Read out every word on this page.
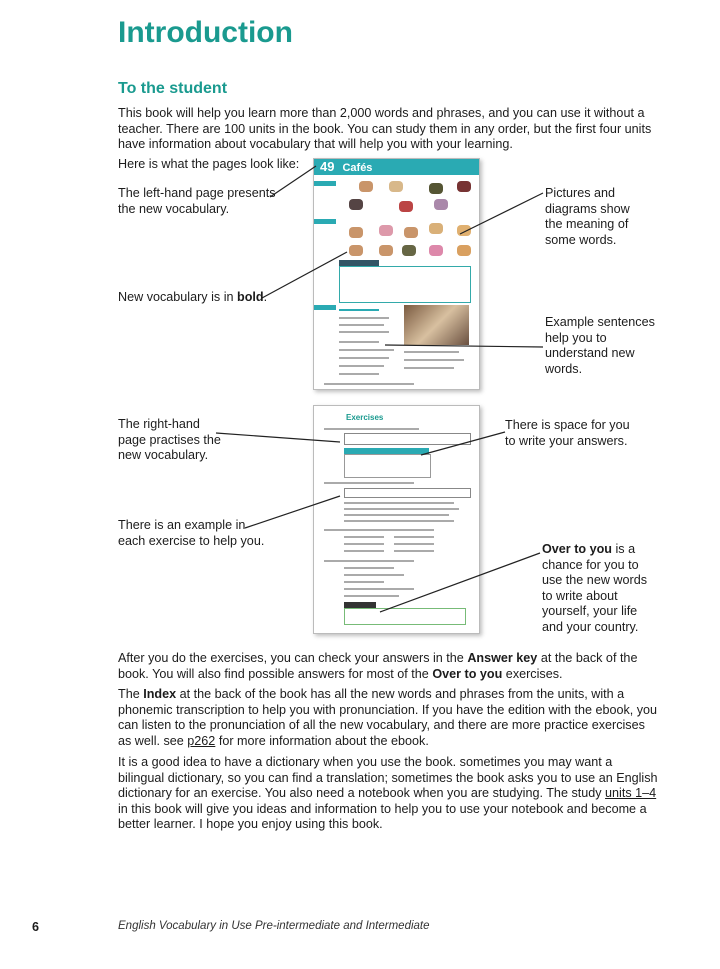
Introduction
To the student

This book will help you learn more than 2,000 words and phrases, and you can use it without a teacher. There are 100 units in the book. You can study them in any order, but the first four units have information about vocabulary that will help you with your learning.

Here is what the pages look like:	49 Cafés
Exercises
The left-hand page presents the new vocabulary.
New vocabulary is in bold.
Pictures and diagrams show the meaning of some words.
Example sentences help you to understand new words.
The right-hand page practises the new vocabulary.
There is space for you to write your answers.
There is an example in each exercise to help you.
Over to you is a chance for you to use the new words to write about yourself, your life and your country.

After you do the exercises, you can check your answers in the Answer key at the back of the book. You will also find possible answers for most of the Over to you exercises.

The Index at the back of the book has all the new words and phrases from the units, with a phonemic transcription to help you with pronunciation. If you have the edition with the ebook, you can listen to the pronunciation of all the new vocabulary, and there are more practice exercises as well. see p262 for more information about the ebook.

It is a good idea to have a dictionary when you use the book. sometimes you may want a bilingual dictionary, so you can find a translation; sometimes the book asks you to use an English dictionary for an exercise. You also need a notebook when you are studying. The study units 1–4 in this book will give you ideas and information to help you to use your notebook and become a better learner. I hope you enjoy using this book.

6	English Vocabulary in Use Pre-intermediate and Intermediate
